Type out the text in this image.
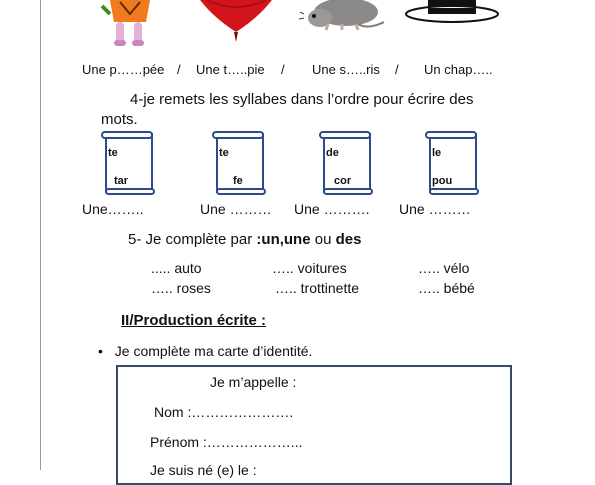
Une p……pée / Une t…..pie / Une s…..ris / Un chap…..
4-je remets les syllabes dans l’ordre pour écrire des
mots.
te
tar
te
fe
de
cor
le
pou
Une……..	Une ……… Une ………. Une ………
5- Je complète par :un,une ou des
..... auto	….. voitures	….. vélo
….. roses	….. trottinette	….. bébé
II/Production écrite :
• Je complète ma carte d’identité.
Je m’appelle :
Nom :………………….
Prénom :………………...
Je suis né (e) le :
